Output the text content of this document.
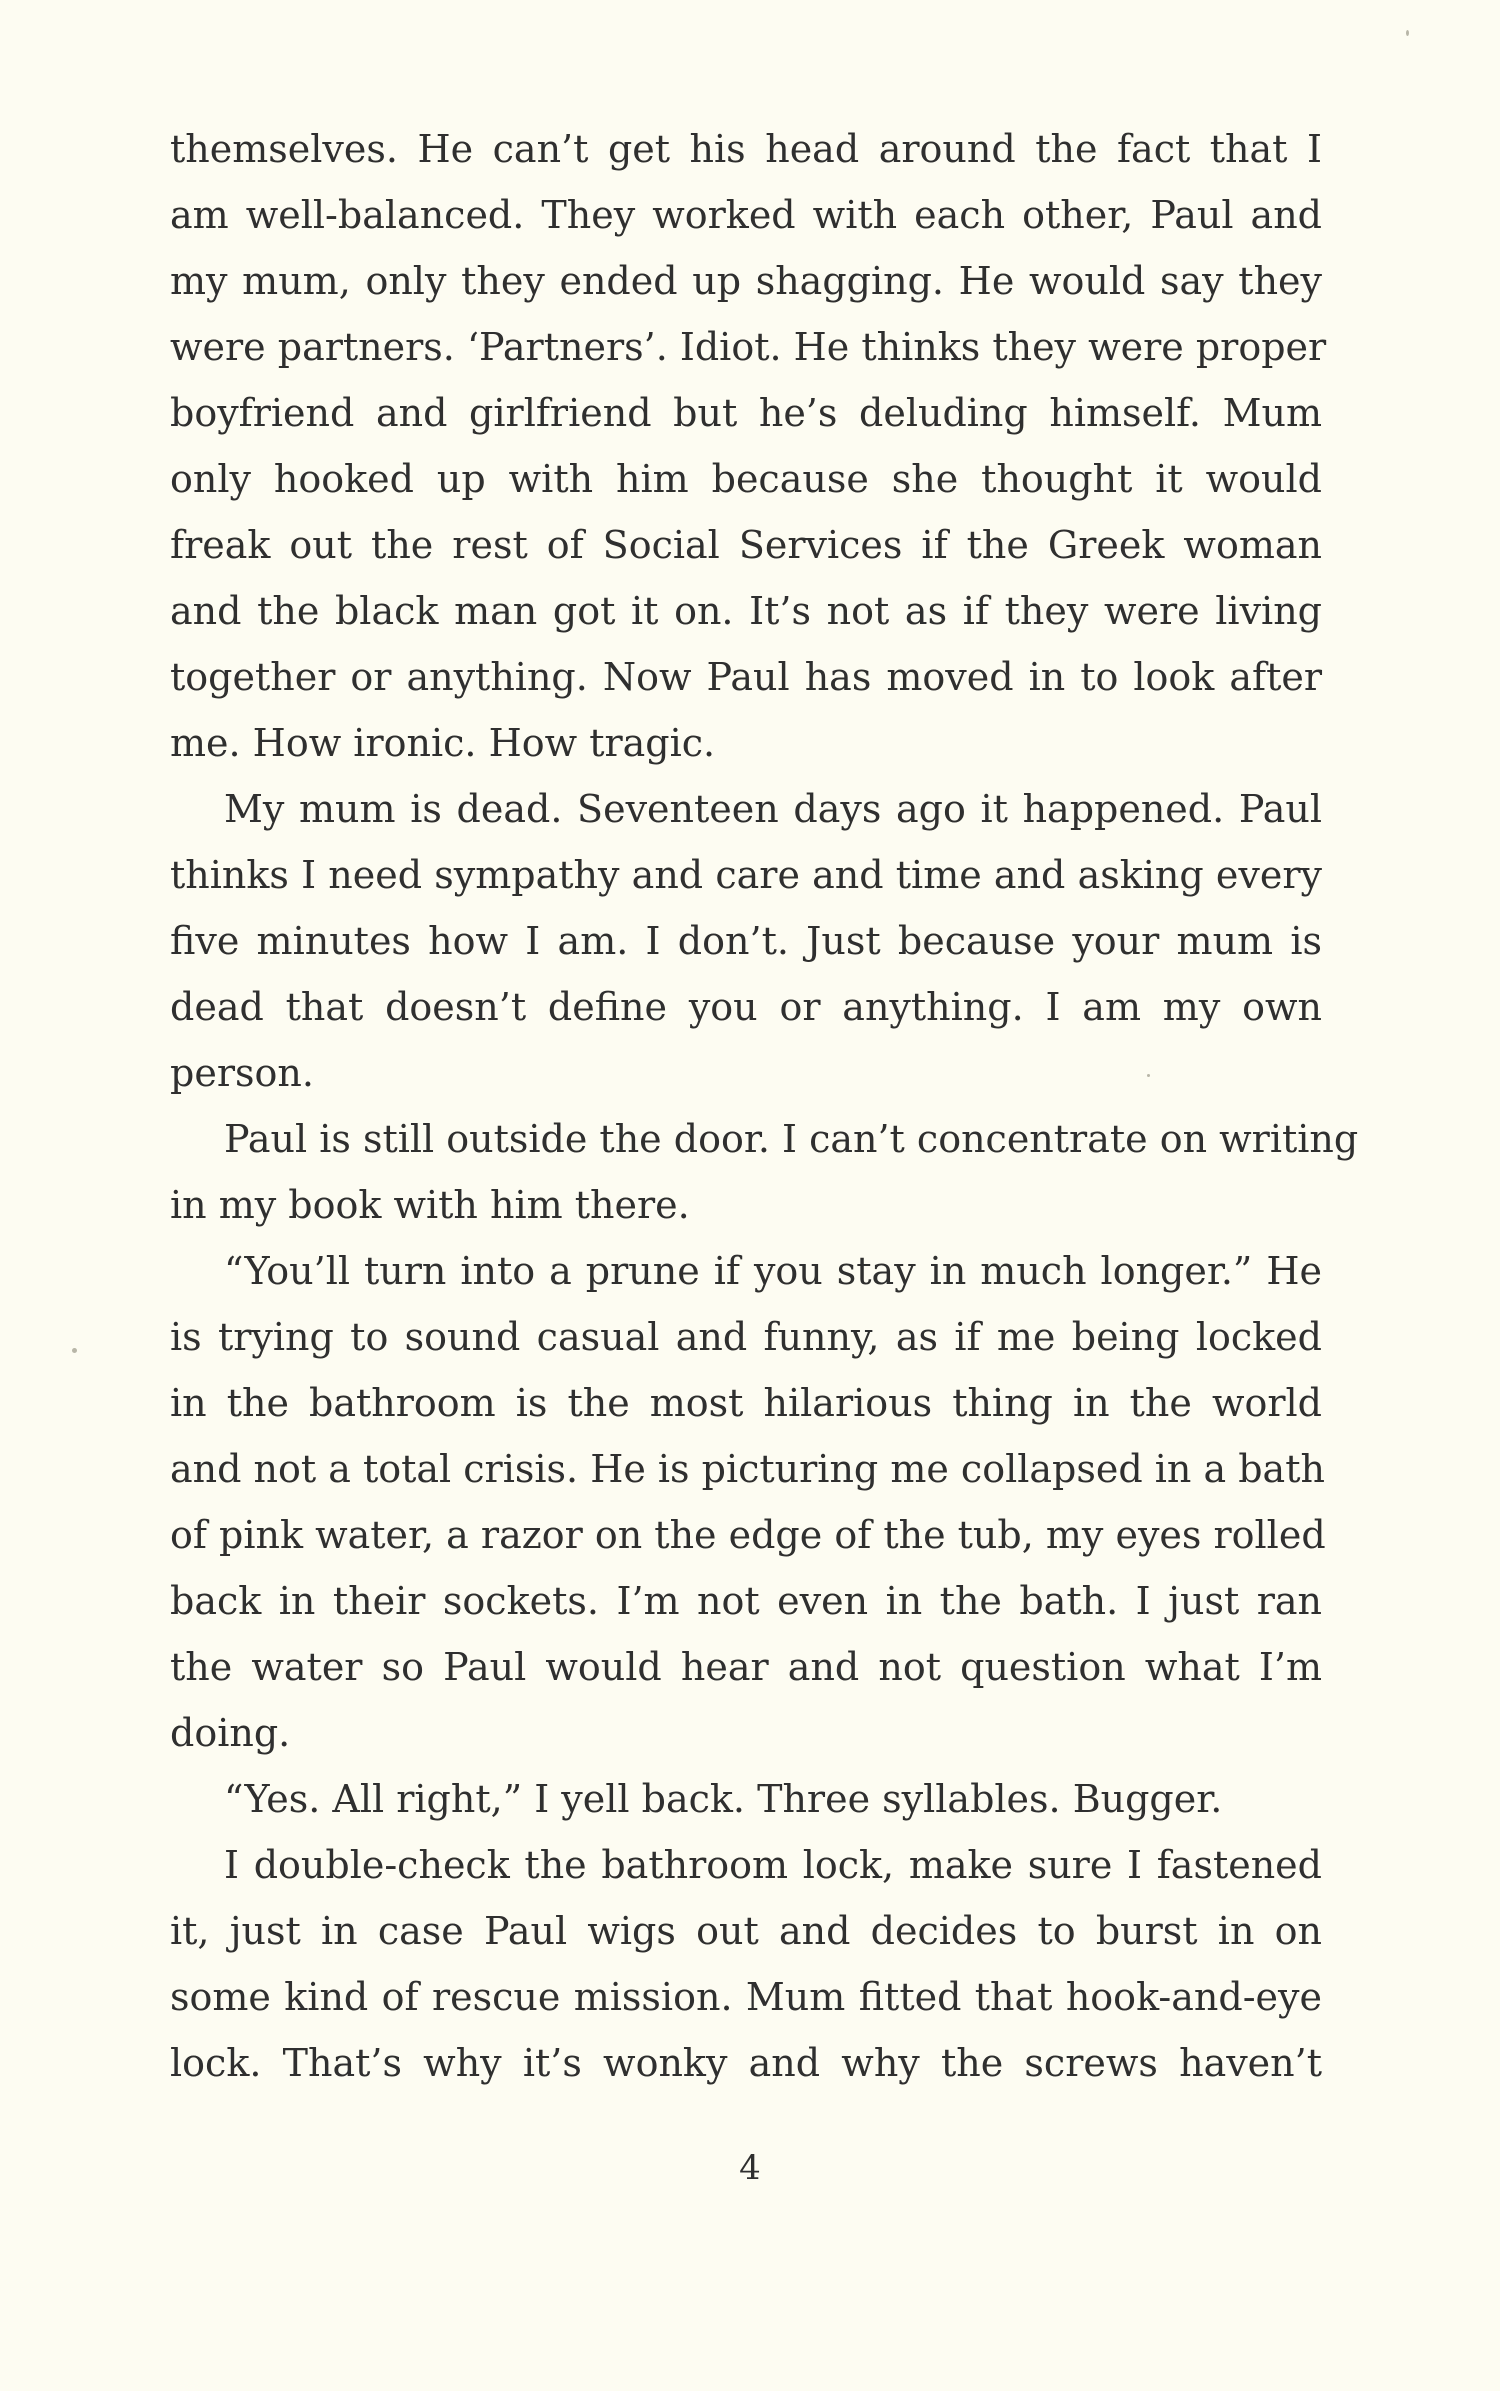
themselves. He can’t get his head around the fact that I
am well-balanced. They worked with each other, Paul and
my mum, only they ended up shagging. He would say they
were partners. ‘Partners’. Idiot. He thinks they were proper
boyfriend and girlfriend but he’s deluding himself. Mum
only hooked up with him because she thought it would
freak out the rest of Social Services if the Greek woman
and the black man got it on. It’s not as if they were living
together or anything. Now Paul has moved in to look after
me. How ironic. How tragic.
My mum is dead. Seventeen days ago it happened. Paul
thinks I need sympathy and care and time and asking every
five minutes how I am. I don’t. Just because your mum is
dead that doesn’t define you or anything. I am my own
person.
Paul is still outside the door. I can’t concentrate on writing
in my book with him there.
“You’ll turn into a prune if you stay in much longer.” He
is trying to sound casual and funny, as if me being locked
in the bathroom is the most hilarious thing in the world
and not a total crisis. He is picturing me collapsed in a bath
of pink water, a razor on the edge of the tub, my eyes rolled
back in their sockets. I’m not even in the bath. I just ran
the water so Paul would hear and not question what I’m
doing.
“Yes. All right,” I yell back. Three syllables. Bugger.
I double-check the bathroom lock, make sure I fastened
it, just in case Paul wigs out and decides to burst in on
some kind of rescue mission. Mum fitted that hook-and-eye
lock. That’s why it’s wonky and why the screws haven’t
4
